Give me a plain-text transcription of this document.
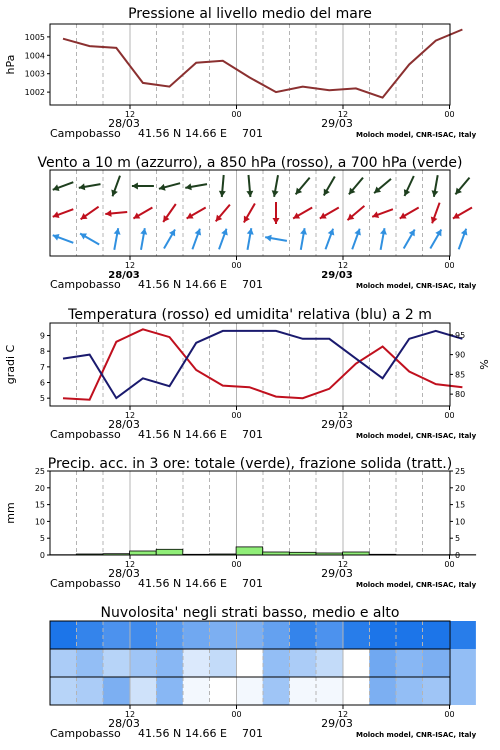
Pressione al livello medio del mare
1002
1003
1004
1005
hPa
12	00	12	00
28/03	29/03
Campobasso 41.56 N 14.66 E 701	Moloch model, CNR-ISAC, Italy
Vento a 10 m (azzurro), a 850 hPa (rosso), a 700 hPa (verde)
12	00	12	00
28/03	29/03
Campobasso 41.56 N 14.66 E 701	Moloch model, CNR-ISAC, Italy
Temperatura (rosso) ed umidita' relativa (blu) a 2 m
5
6
7
8
9
80
85
90
95
gradi C	%
12	00	12	00
28/03	29/03
Campobasso 41.56 N 14.66 E 701	Moloch model, CNR-ISAC, Italy
Precip. acc. in 3 ore: totale (verde), frazione solida (tratt.)
0
5
10
15
20
25
0
5
10
15
20
25
mm
12	00	12	00
28/03	29/03
Campobasso 41.56 N 14.66 E 701	Moloch model, CNR-ISAC, Italy
Nuvolosita' negli strati basso, medio e alto
12	00	12	00
28/03	29/03
Campobasso 41.56 N 14.66 E 701	Moloch model, CNR-ISAC, Italy
